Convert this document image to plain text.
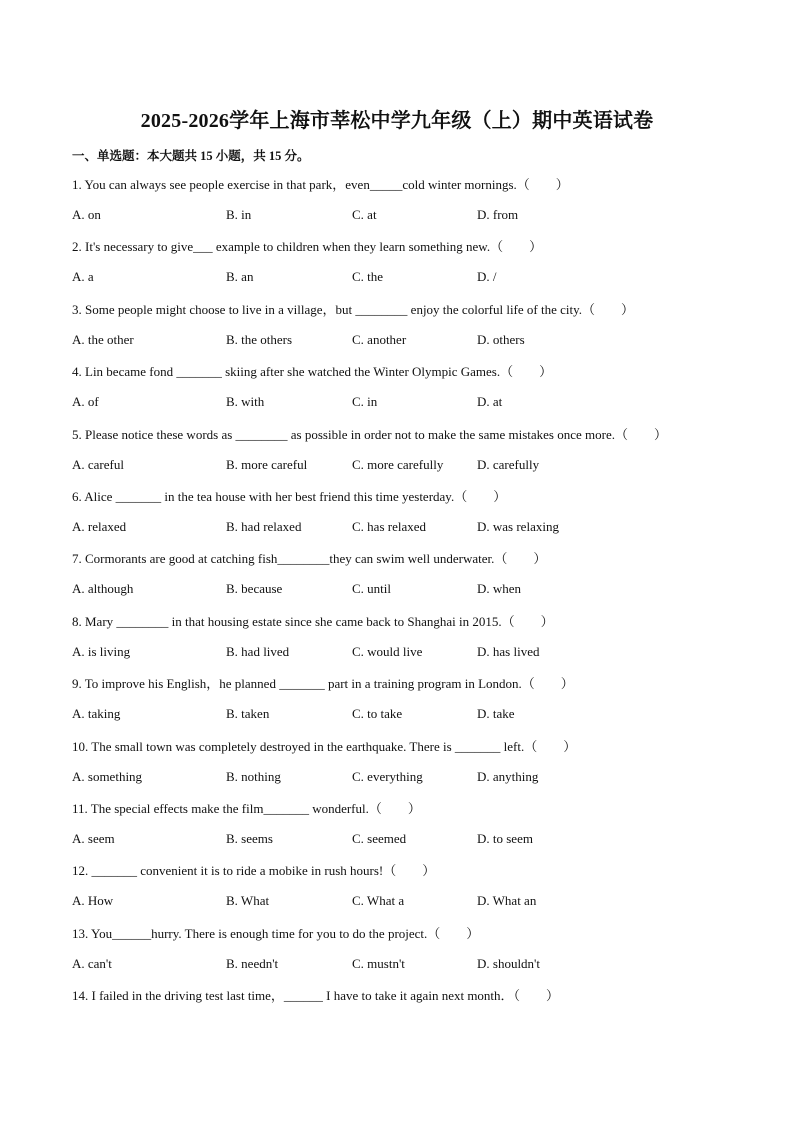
2025-2026学年上海市莘松中学九年级（上）期中英语试卷
一、单选题：本大题共 15 小题，共 15 分。
1. You can always see people exercise in that park，even_____cold winter mornings.（　　）
A. on	B. in	C. at	D. from
2. It's necessary to give___ example to children when they learn something new.（　　）
A. a	B. an	C. the	D. /
3. Some people might choose to live in a village，but ________ enjoy the colorful life of the city.（　　）
A. the other	B. the others	C. another	D. others
4. Lin became fond _______ skiing after she watched the Winter Olympic Games.（　　）
A. of	B. with	C. in	D. at
5. Please notice these words as ________ as possible in order not to make the same mistakes once more.（　　）
A. careful	B. more careful	C. more carefully	D. carefully
6. Alice _______ in the tea house with her best friend this time yesterday.（　　）
A. relaxed	B. had relaxed	C. has relaxed	D. was relaxing
7. Cormorants are good at catching fish________they can swim well underwater.（　　）
A. although	B. because	C. until	D. when
8. Mary ________ in that housing estate since she came back to Shanghai in 2015.（　　）
A. is living	B. had lived	C. would live	D. has lived
9. To improve his English，he planned _______ part in a training program in London.（　　）
A. taking	B. taken	C. to take	D. take
10. The small town was completely destroyed in the earthquake. There is _______ left.（　　）
A. something	B. nothing	C. everything	D. anything
11. The special effects make the film_______ wonderful.（　　）
A. seem	B. seems	C. seemed	D. to seem
12. _______ convenient it is to ride a mobike in rush hours!（　　）
A. How	B. What	C. What a	D. What an
13. You______hurry. There is enough time for you to do the project.（　　）
A. can't	B. needn't	C. mustn't	D. shouldn't
14. I failed in the driving test last time，______ I have to take it again next month．（　　）
